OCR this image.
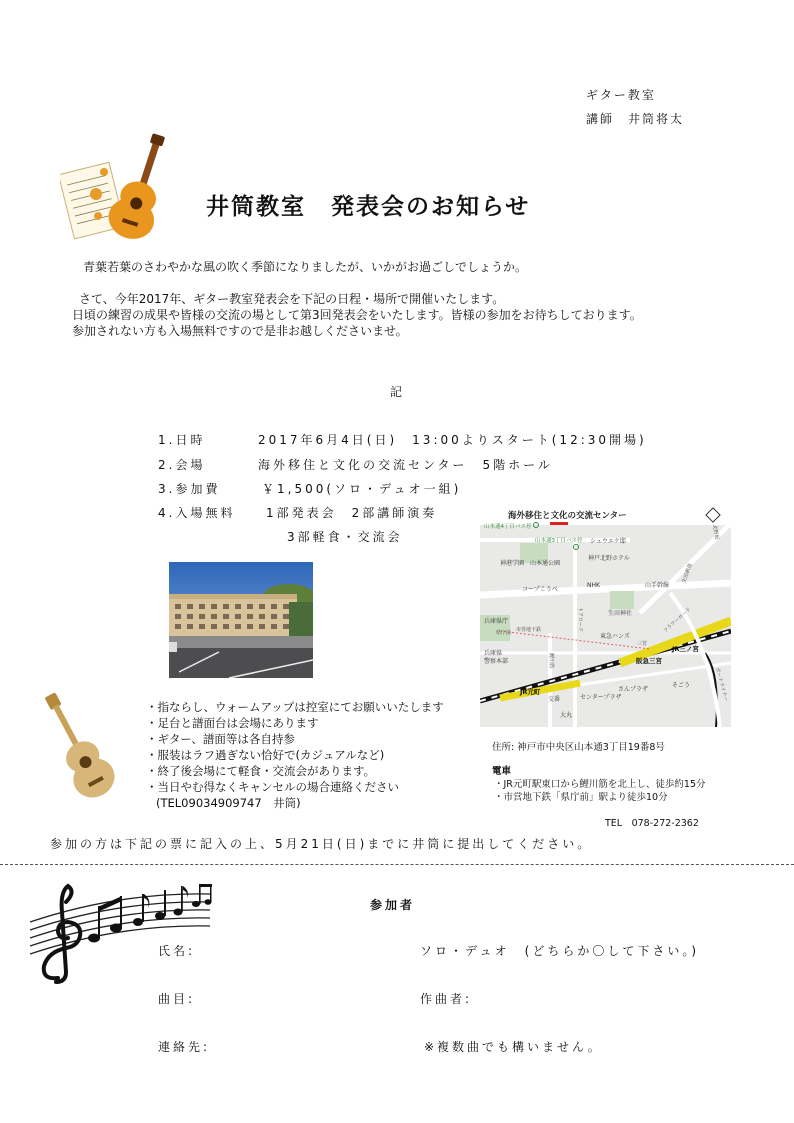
ギター教室
講師　井筒将太
井筒教室　発表会のお知らせ
青葉若葉のさわやかな風の吹く季節になりましたが、いかがお過ごしでしょうか。
さて、今年2017年、ギター教室発表会を下記の日程・場所で開催いたします。
日頃の練習の成果や皆様の交流の場として第3回発表会をいたします。皆様の参加をお待ちしております。
参加されない方も入場無料ですので是非お越しくださいませ。
記
1.日時	2017年6月4日(日)　13:00よりスタート(12:30開場)
2.会場	海外移住と文化の交流センター　5階ホール
3.参加費	￥1,500(ソロ・デュオ一組)
4.入場無料	1部発表会　2部講師演奏
3部軽食・交流会
・指ならし、ウォームアップは控室にてお願いいたします
・足台と譜面台は会場にあります
・ギター、譜面等は各自持参
・服装はラフ過ぎない恰好で(カジュアルなど)
・終了後会場にて軽食・交流会があります。
・当日やむ得なくキャンセルの場合連絡ください
(TEL09034909747　井筒)
海外移住と文化の交流センター
山本通4丁目バス停
山本通3丁目バス停 シュウエケ邸
神戸北野ホテル
神港学園 山本通公園
NHK	山手幹線
コープこうべ
生田神社
兵庫県庁
東急ハンズ
兵庫県
警察本部
交番	センタープラザ
さんプラザ
そごう
大丸
県庁前 市営地下鉄
三宮
鯉川筋
トアロード	フラワーロード
ポートライナー
北野坂
生田新道
阪急三宮
JR三ノ宮
JR元町
住所: 神戸市中央区山本通3丁目19番8号
電車
・JR元町駅東口から鯉川筋を北上し、徒歩約15分
・市営地下鉄「県庁前」駅より徒歩10分
TEL　078-272-2362
参加の方は下記の票に記入の上、5月21日(日)までに井筒に提出してください。
参加者
氏名:	ソロ・デュオ　(どちらか〇して下さい。)
曲目:	作曲者:
連絡先:	※複数曲でも構いません。
